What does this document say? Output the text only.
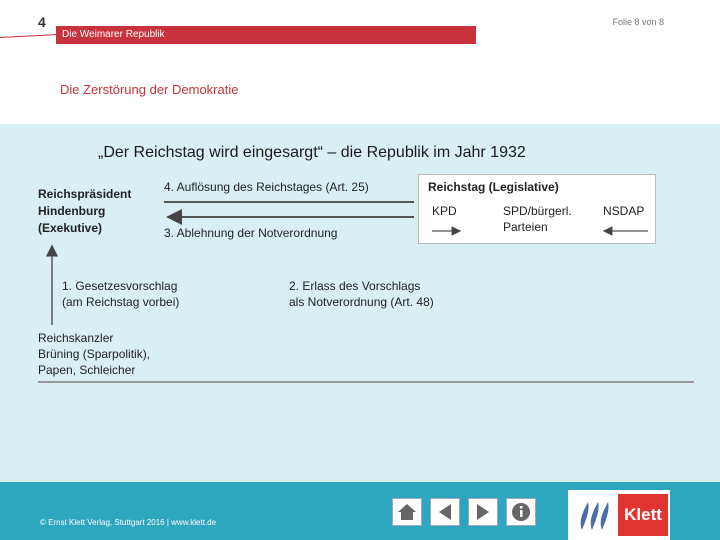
4	Folie 8 von 8
Die Weimarer Republik
Die Zerstörung der Demokratie
„Der Reichstag wird eingesargt“ – die Republik im Jahr 1932
Reichspräsident
Hindenburg
(Exekutive)
4. Auflösung des Reichstages (Art. 25)
3. Ablehnung der Notverordnung
Reichstag (Legislative)
KPD	SPD/bürgerl.
Parteien
NSDAP
1. Gesetzesvorschlag
(am Reichstag vorbei)
2. Erlass des Vorschlags
als Notverordnung (Art. 48)
Reichskanzler
Brüning (Sparpolitik),
Papen, Schleicher
© Ernst Klett Verlag, Stuttgart 2016 | www.klett.de	Klett
